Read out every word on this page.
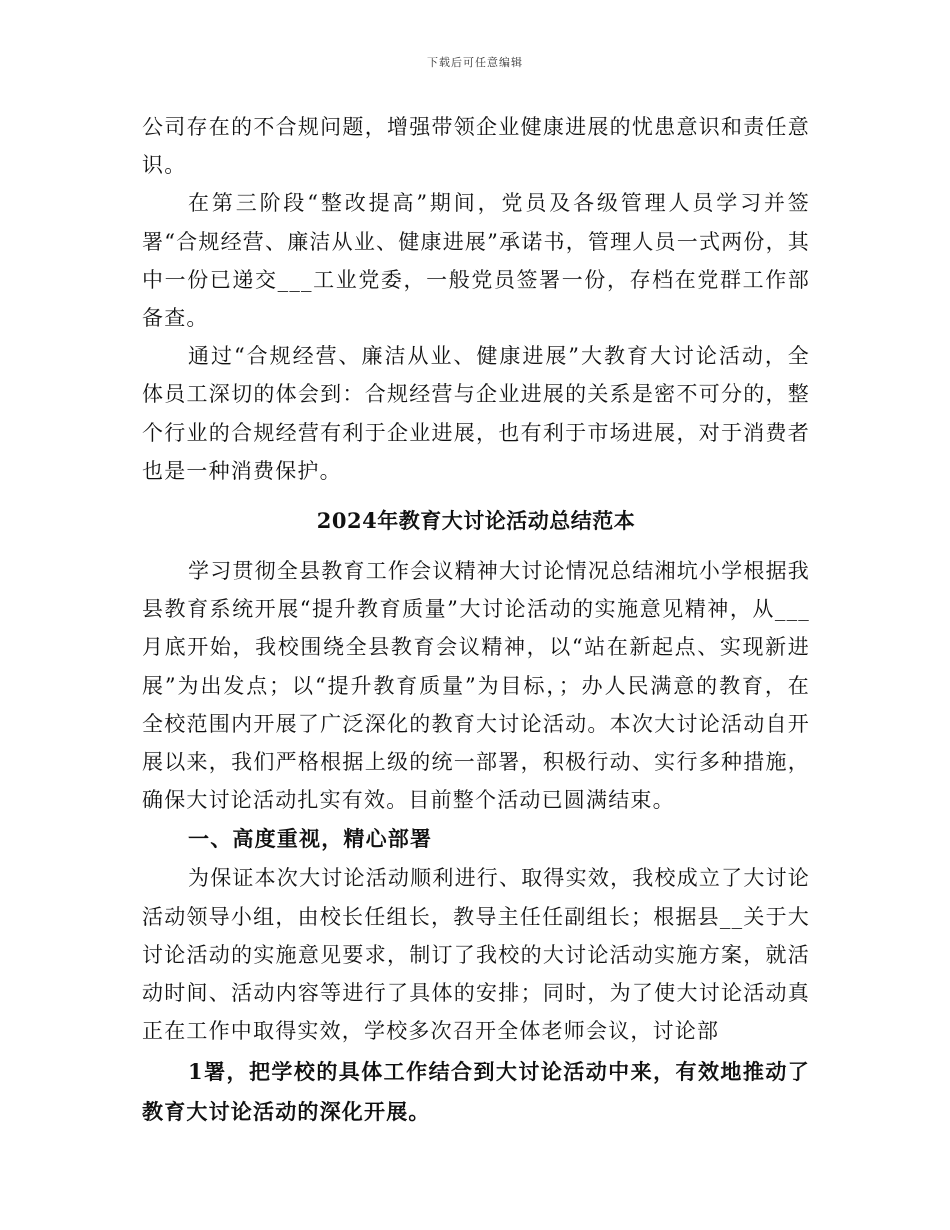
下载后可任意编辑

公司存在的不合规问题，增强带领企业健康进展的忧患意识和责任意识。

在第三阶段“整改提高”期间，党员及各级管理人员学习并签署“合规经营、廉洁从业、健康进展”承诺书，管理人员一式两份，其中一份已递交___工业党委，一般党员签署一份，存档在党群工作部备查。

通过“合规经营、廉洁从业、健康进展”大教育大讨论活动，全体员工深切的体会到：合规经营与企业进展的关系是密不可分的，整个行业的合规经营有利于企业进展，也有利于市场进展，对于消费者也是一种消费保护。

2024年教育大讨论活动总结范本

学习贯彻全县教育工作会议精神大讨论情况总结湘坑小学根据我县教育系统开展“提升教育质量”大讨论活动的实施意见精神，从___月底开始，我校围绕全县教育会议精神，以“站在新起点、实现新进展”为出发点；以“提升教育质量”为目标，；办人民满意的教育，在全校范围内开展了广泛深化的教育大讨论活动。本次大讨论活动自开展以来，我们严格根据上级的统一部署，积极行动、实行多种措施，确保大讨论活动扎实有效。目前整个活动已圆满结束。

一、高度重视，精心部署

为保证本次大讨论活动顺利进行、取得实效，我校成立了大讨论活动领导小组，由校长任组长，教导主任任副组长；根据县__关于大讨论活动的实施意见要求，制订了我校的大讨论活动实施方案，就活动时间、活动内容等进行了具体的安排；同时，为了使大讨论活动真正在工作中取得实效，学校多次召开全体老师会议，讨论部

1署，把学校的具体工作结合到大讨论活动中来，有效地推动了教育大讨论活动的深化开展。
